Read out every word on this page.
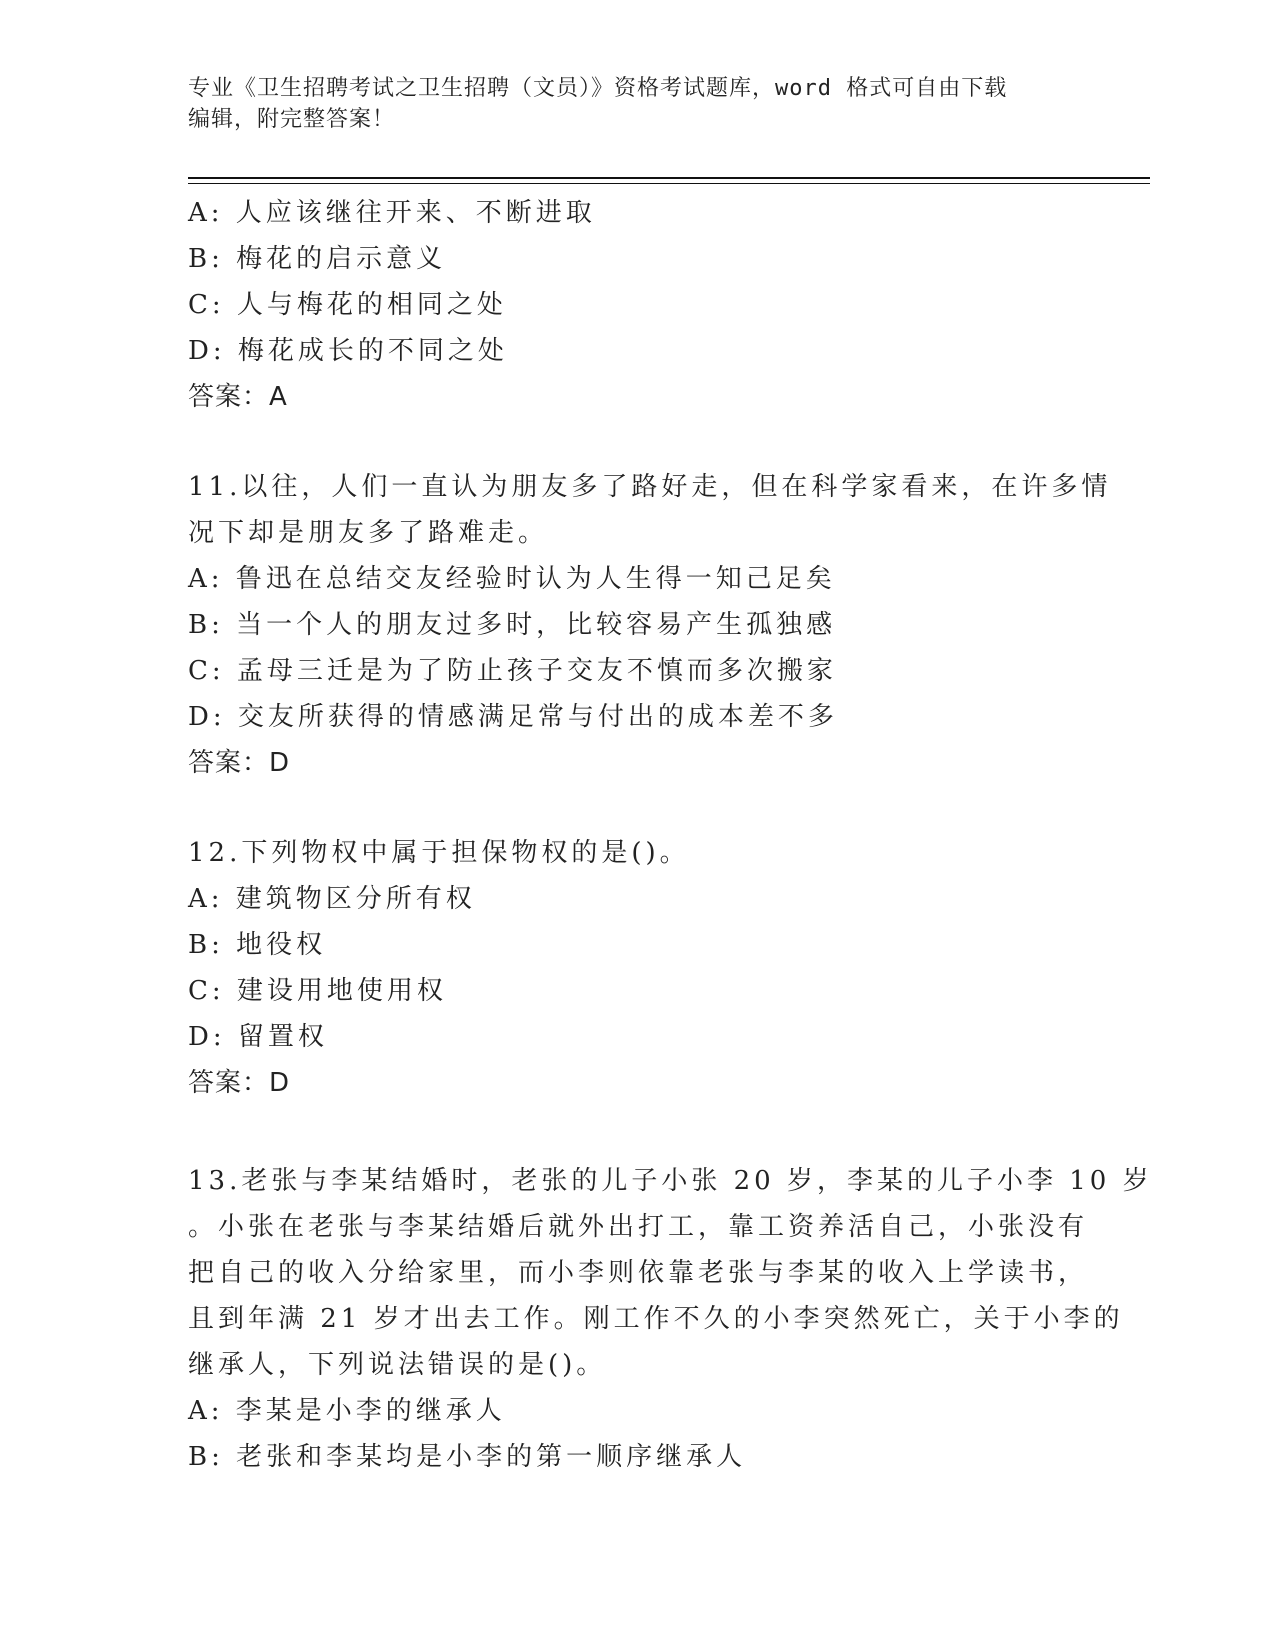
专业《卫生招聘考试之卫生招聘（文员）》资格考试题库，word 格式可自由下载
编辑，附完整答案！
A: 人应该继往开来、不断进取
B: 梅花的启示意义
C: 人与梅花的相同之处
D: 梅花成长的不同之处
答案：A
11.以往，人们一直认为朋友多了路好走，但在科学家看来，在许多情
况下却是朋友多了路难走。
A: 鲁迅在总结交友经验时认为人生得一知己足矣
B: 当一个人的朋友过多时，比较容易产生孤独感
C: 孟母三迁是为了防止孩子交友不慎而多次搬家
D: 交友所获得的情感满足常与付出的成本差不多
答案：D
12.下列物权中属于担保物权的是()。
A: 建筑物区分所有权
B: 地役权
C: 建设用地使用权
D: 留置权
答案：D
13.老张与李某结婚时，老张的儿子小张 20 岁，李某的儿子小李 10 岁
。小张在老张与李某结婚后就外出打工，靠工资养活自己，小张没有
把自己的收入分给家里，而小李则依靠老张与李某的收入上学读书，
且到年满 21 岁才出去工作。刚工作不久的小李突然死亡，关于小李的
继承人，下列说法错误的是()。
A: 李某是小李的继承人
B: 老张和李某均是小李的第一顺序继承人
